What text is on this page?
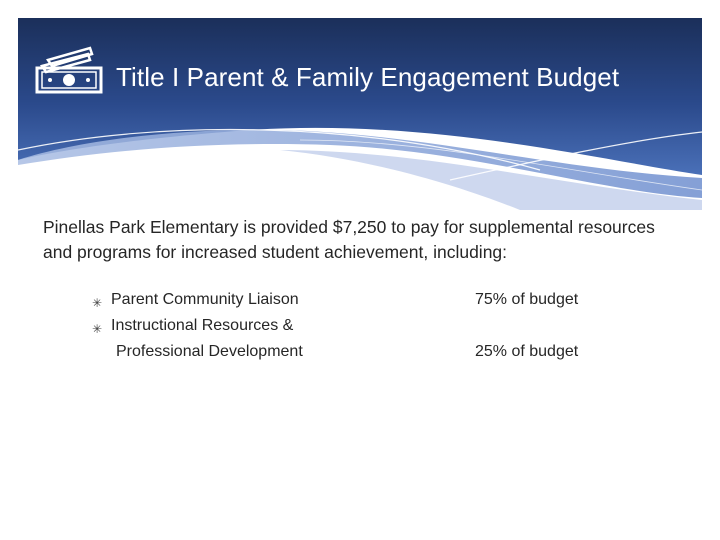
Title I Parent & Family Engagement Budget
Pinellas Park Elementary is provided $7,250 to pay for supplemental resources and programs for increased student achievement, including:
✳ Parent Community Liaison	75% of budget
✳ Instructional Resources &
Professional Development	25% of budget
